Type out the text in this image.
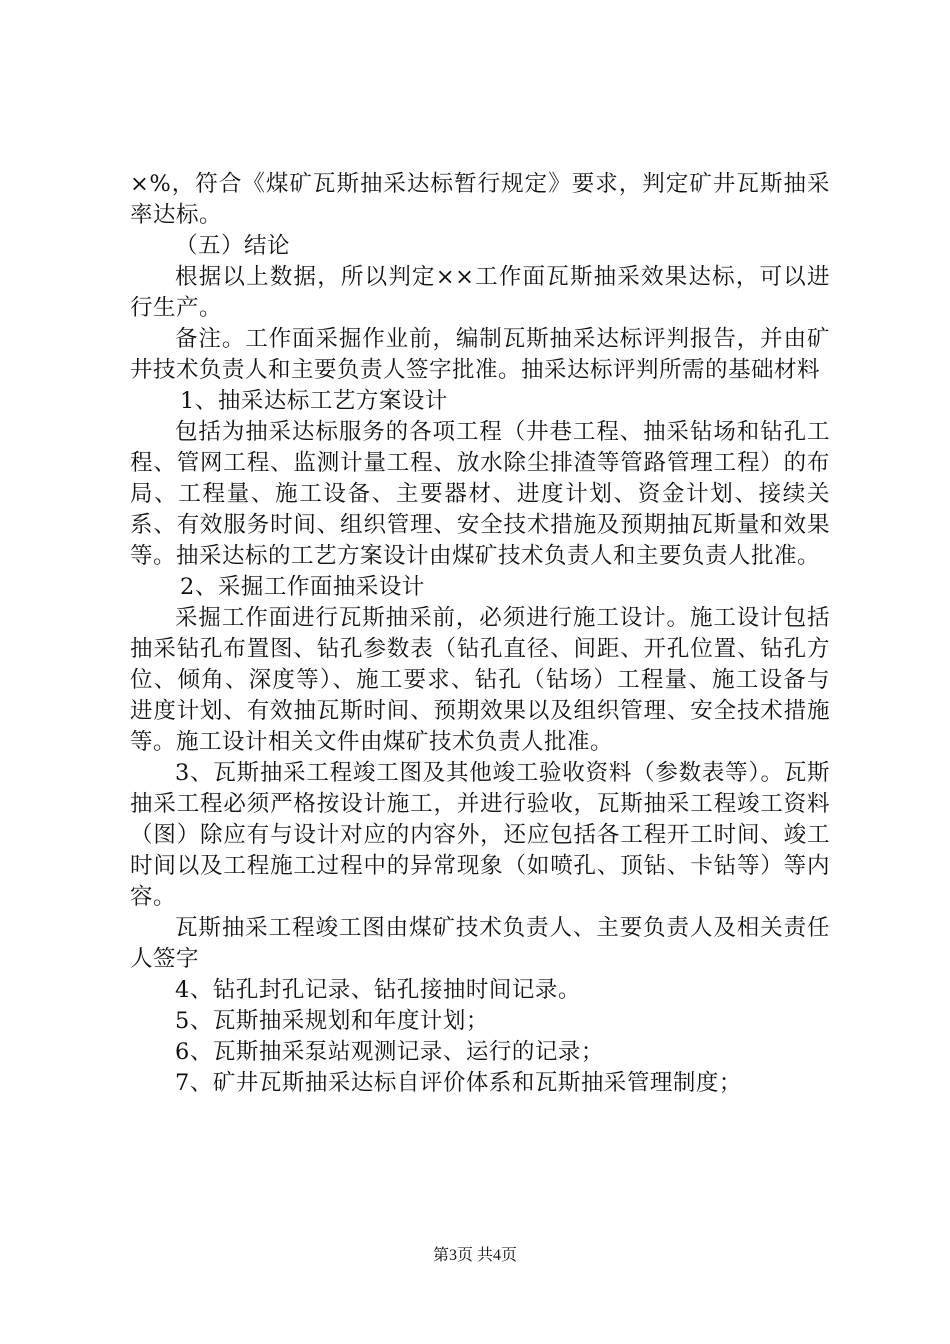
×%，符合《煤矿瓦斯抽采达标暂行规定》要求，判定矿井瓦斯抽采率达标。

（五）结论

根据以上数据，所以判定××工作面瓦斯抽采效果达标，可以进行生产。

备注。工作面采掘作业前，编制瓦斯抽采达标评判报告，并由矿井技术负责人和主要负责人签字批准。抽采达标评判所需的基础材料

1、抽采达标工艺方案设计

包括为抽采达标服务的各项工程（井巷工程、抽采钻场和钻孔工程、管网工程、监测计量工程、放水除尘排渣等管路管理工程）的布局、工程量、施工设备、主要器材、进度计划、资金计划、接续关系、有效服务时间、组织管理、安全技术措施及预期抽瓦斯量和效果等。抽采达标的工艺方案设计由煤矿技术负责人和主要负责人批准。

2、采掘工作面抽采设计

采掘工作面进行瓦斯抽采前，必须进行施工设计。施工设计包括抽采钻孔布置图、钻孔参数表（钻孔直径、间距、开孔位置、钻孔方位、倾角、深度等）、施工要求、钻孔（钻场）工程量、施工设备与进度计划、有效抽瓦斯时间、预期效果以及组织管理、安全技术措施等。施工设计相关文件由煤矿技术负责人批准。

3、瓦斯抽采工程竣工图及其他竣工验收资料（参数表等）。瓦斯抽采工程必须严格按设计施工，并进行验收，瓦斯抽采工程竣工资料（图）除应有与设计对应的内容外，还应包括各工程开工时间、竣工时间以及工程施工过程中的异常现象（如喷孔、顶钻、卡钻等）等内容。

瓦斯抽采工程竣工图由煤矿技术负责人、主要负责人及相关责任人签字

4、钻孔封孔记录、钻孔接抽时间记录。

5、瓦斯抽采规划和年度计划；

6、瓦斯抽采泵站观测记录、运行的记录；

7、矿井瓦斯抽采达标自评价体系和瓦斯抽采管理制度；

第3页 共4页
